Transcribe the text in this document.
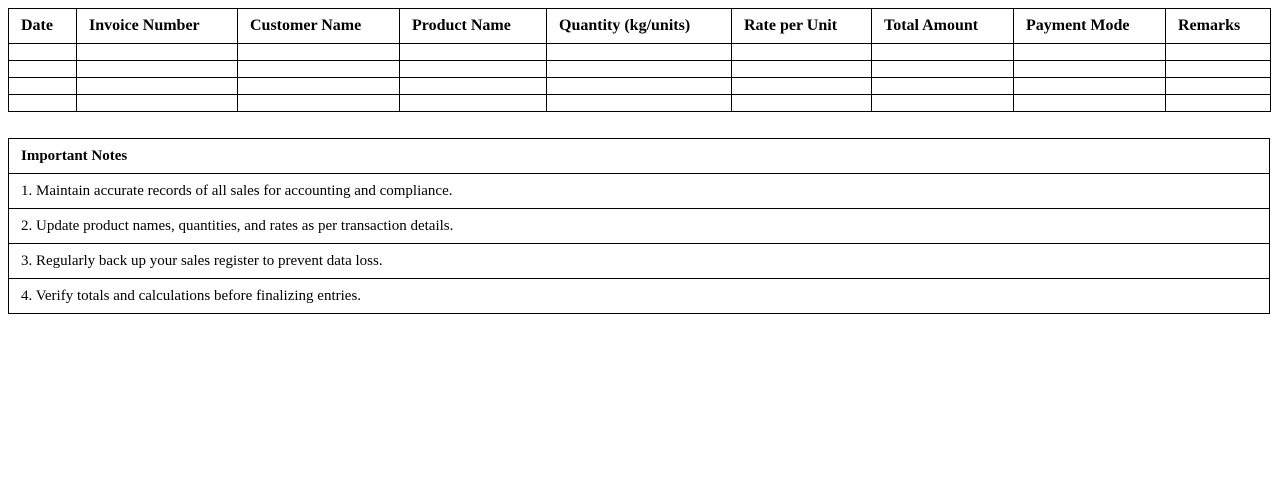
Date	Invoice Number	Customer Name	Product Name	Quantity (kg/units)	Rate per Unit	Total Amount	Payment Mode	Remarks

Important Notes
1. Maintain accurate records of all sales for accounting and compliance.
2. Update product names, quantities, and rates as per transaction details.
3. Regularly back up your sales register to prevent data loss.
4. Verify totals and calculations before finalizing entries.
